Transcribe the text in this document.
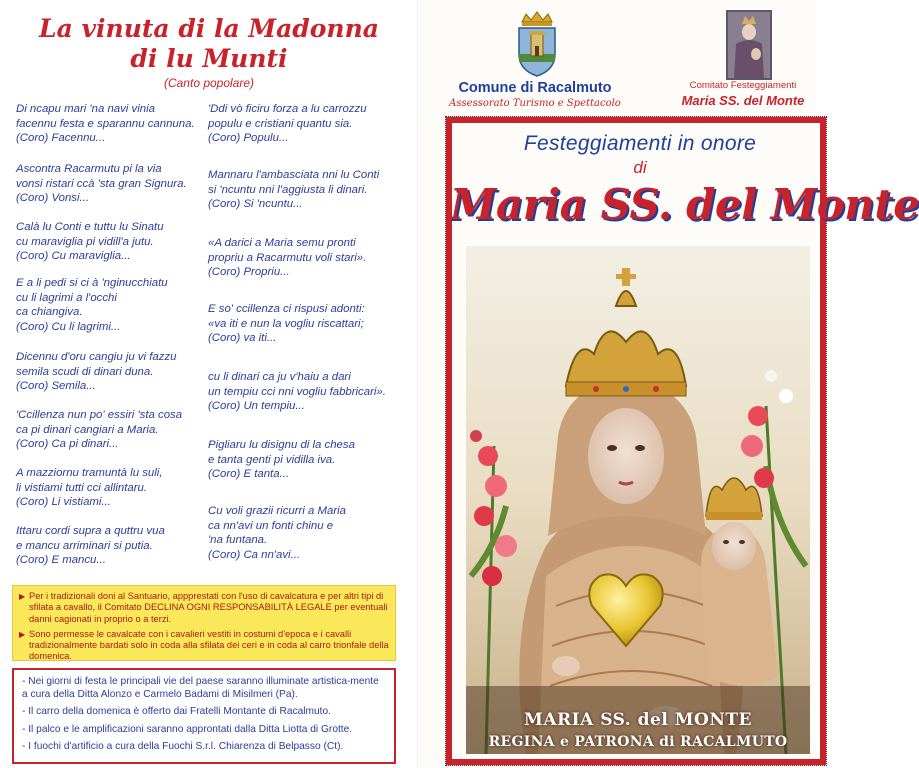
La vinuta di la Madonna
di lu Munti
(Canto popolare)
Di ncapu mari 'na navi vinia
facennu festa e sparannu cannuna.
(Coro) Facennu...
Ascontra Racarmutu pi la via
vonsi ristari ccà 'sta gran Signura.
(Coro) Vonsi...
Calà lu Conti e tuttu lu Sinatu
cu maraviglia pi vidill'a jutu.
(Coro) Cu maraviglia...
E a li pedi si ci à 'nginucchiatu
cu li lagrimi a l'occhi
ca chiangiva.
(Coro) Cu li lagrimi...
Dicennu d'oru cangiu ju vi fazzu
semila scudi di dinari duna.
(Coro) Semila...
'Ccillenza nun po' essiri 'sta cosa
ca pi dinari cangiari a Maria.
(Coro) Ca pi dinari...
A mazziornu tramuntà lu suli,
li vistiami tutti cci allintaru.
(Coro) Li vistiami...
Ittaru cordi supra a quttru vua
e mancu arriminari si putia.
(Coro) E mancu...
'Ddi vò ficiru forza a lu carrozzu
populu e cristiani quantu sia.
(Coro) Populu...
Mannaru l'ambasciata nni lu Conti
si 'ncuntu nni l'aggiusta li dinari.
(Coro) Si 'ncuntu...
«A darici a Maria semu pronti
propriu a Racarmutu voli stari».
(Coro) Propriu...
E so' ccillenza ci rispusi adonti:
«va iti e nun la vogliu riscattari;
(Coro) va iti...
cu li dinari ca ju v'haiu a dari
un tempiu cci nni vogliu fabbricari».
(Coro) Un tempiu...
Pigliaru lu disignu di la chesa
e tanta genti pi vidilla iva.
(Coro) E tanta...
Cu voli grazii ricurri a Maria
ca nn'avi un fonti chinu e
'na funtana.
(Coro) Ca nn'avi...
▶ Per i tradizionali doni al Santuario, appprestati con l'uso di cavalcatura e per altri tipi di sfilata a cavallo, il Comitato DECLINA OGNI RESPONSABILITÀ LEGALE per eventuali danni cagionati in proprio o a terzi.
▶ Sono permesse le cavalcate con i cavalieri vestiti in costumi d'epoca e i cavalli tradizionalmente bardati solo in coda alla sfilata dei ceri e in coda al carro trionfale della domenica.
- Nei giorni di festa le principali vie del paese saranno illuminate artistica-mente a cura della Ditta Alonzo e Carmelo Badami di Misilmeri (Pa).
- Il carro della domenica è offerto dai Fratelli Montante di Racalmuto.
- Il palco e le amplificazioni saranno approntati dalla Ditta Liotta di Grotte.
- I fuochi d'artificio a cura della Fuochi S.r.l. Chiarenza di Belpasso (Ct).
Comune di Racalmuto
Assessorato Turismo e Spettacolo
Comitato Festeggiamenti
Maria SS. del Monte
Festeggiamenti in onore
di
Maria SS. del Monte
MARIA SS. del MONTE
REGINA e PATRONA di RACALMUTO
